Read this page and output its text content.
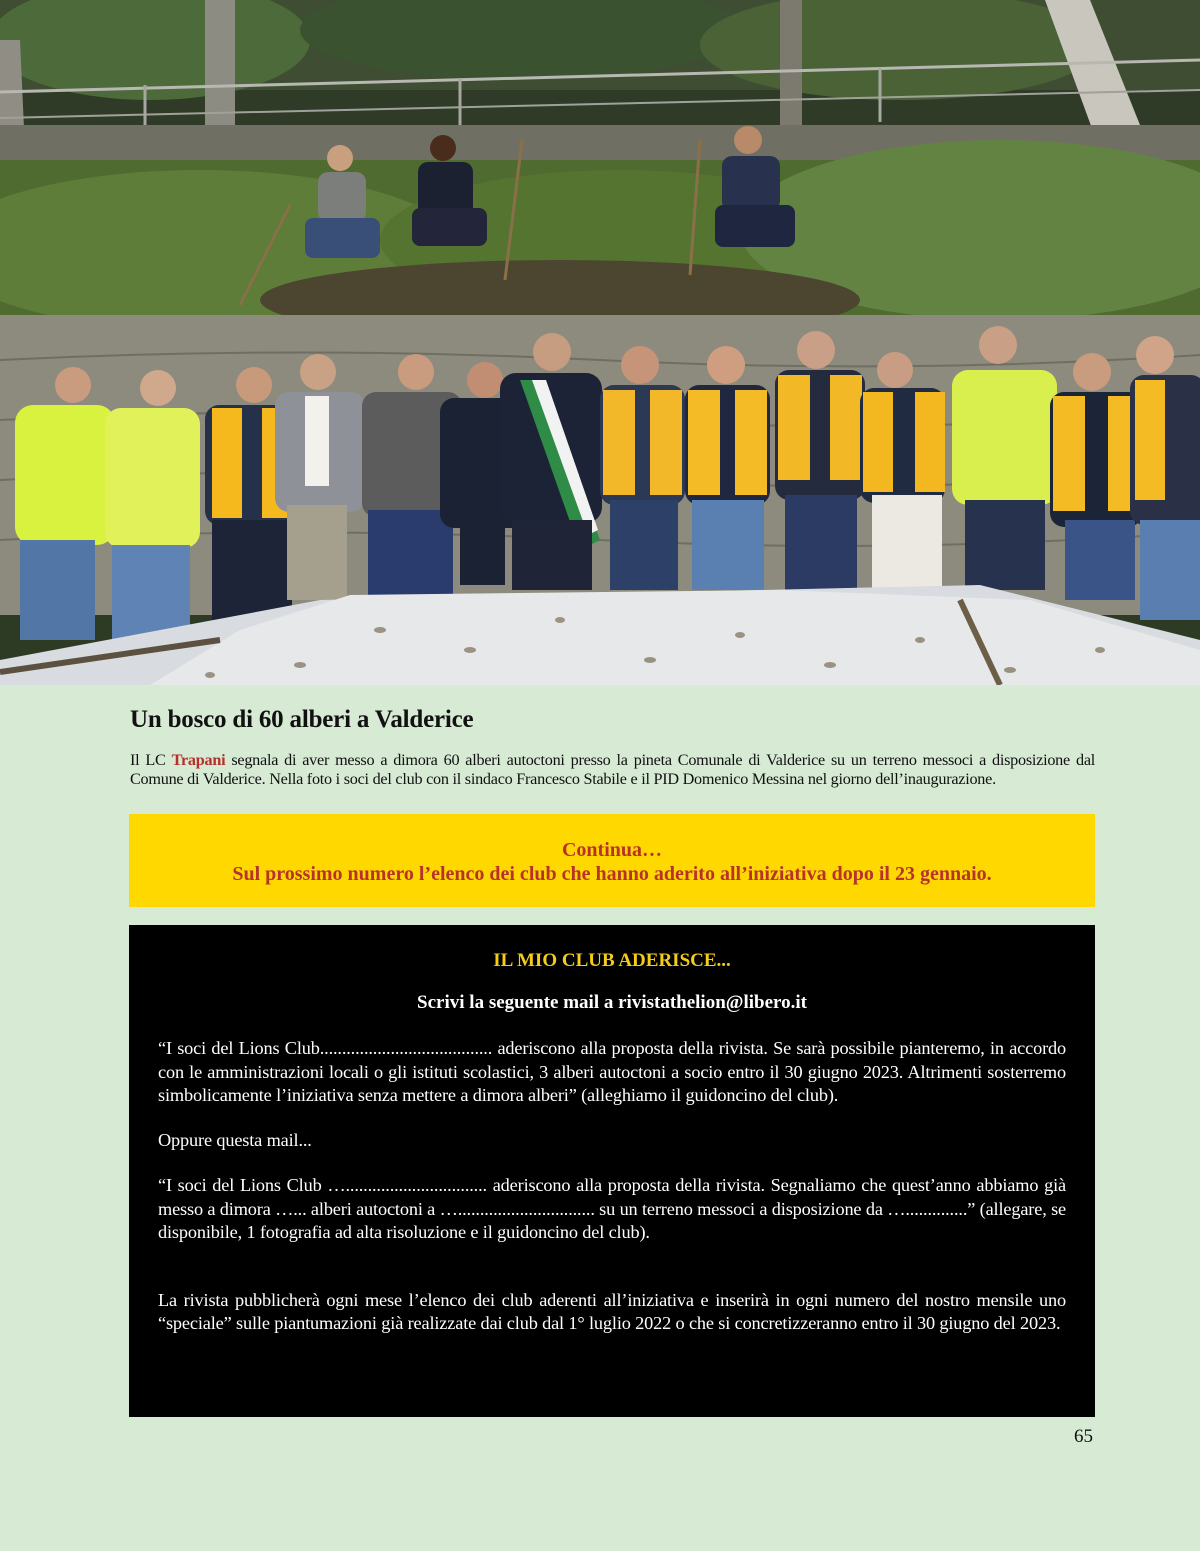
Un bosco di 60 alberi a Valderice
Il LC Trapani segnala di aver messo a dimora 60 alberi autoctoni presso la pineta Comunale di Valderice su un terreno messoci a disposizione dal Comune di Valderice. Nella foto i soci del club con il sindaco Francesco Stabile e il PID Domenico Messina nel giorno dell’inaugurazione.
Continua…
Sul prossimo numero l’elenco dei club che hanno aderito all’iniziativa dopo il 23 gennaio.
IL MIO CLUB ADERISCE...
Scrivi la seguente mail a rivistathelion@libero.it
“I soci del Lions Club....................................... aderiscono alla proposta della rivista. Se sarà possibile pianteremo, in accordo con le amministrazioni locali o gli istituti scolastici, 3 alberi autoctoni a socio entro il 30 giugno 2023. Altrimenti sosterremo simbolicamente l’iniziativa senza mettere a dimora alberi” (alleghiamo il guidoncino del club).
Oppure questa mail...
“I soci del Lions Club …................................ aderiscono alla proposta della rivista. Segnaliamo che quest’anno abbiamo già messo a dimora …... alberi autoctoni a …............................... su un terreno messoci a disposizione da …..............” (allegare, se disponibile, 1 fotografia ad alta risoluzione e il guidoncino del club).
La rivista pubblicherà ogni mese l’elenco dei club aderenti all’iniziativa e inserirà in ogni numero del nostro mensile uno “speciale” sulle piantumazioni già realizzate dai club dal 1° luglio 2022 o che si concretizzeranno entro il 30 giugno del 2023.
65
